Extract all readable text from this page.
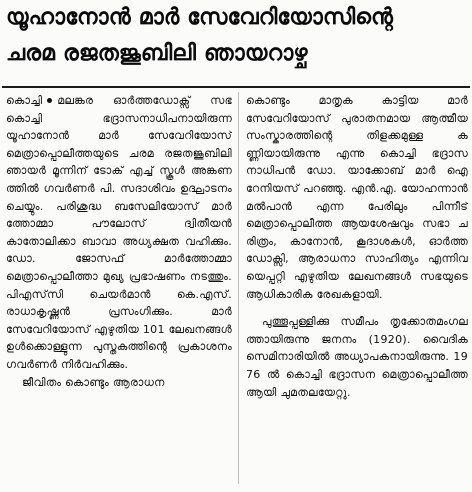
യൂഹാനോൻ മാർ സേവേറിയോസിന്റെ
ചരമ രജതജൂബിലി ഞായറാഴ്ച

കൊച്ചി മലങ്കര ഓർത്തഡോക്സ് സഭ കൊച്ചി ഭദ്രാസനാധിപനായിരുന്ന യൂഹാനോൻ മാർ സേവേറിയോസ് മെത്രാപ്പൊലീത്തയുടെ ചരമ രജതജൂബിലി ഞായർ മൂന്നിന് ടോക് എച്ച് സ്കൂൾ അങ്കണത്തിൽ ഗവർണർ പി. സദാശിവം ഉദ്ഘാടനം ചെയ്യും. പരിശുദ്ധ ബസേലിയോസ് മാർത്തോമ്മാ പൗലോസ് ദ്വിതീയൻ കാതോലിക്കാ ബാവാ അധ്യക്ഷത വഹിക്കും. ഡോ. ജോസഫ് മാർത്തോമ്മാ മെത്രാപ്പൊലീത്താ മുഖ്യ പ്രഭാഷണം നടത്തും. പിഎസ്‌സി ചെയർമാൻ കെ.എസ്. രാധാകൃഷ്ണൻ പ്രസംഗിക്കും. മാർ സേവേറിയോസ് എഴുതിയ 101 ലേഖനങ്ങൾ ഉൾക്കൊള്ളുന്ന പുസ്തകത്തിന്റെ പ്രകാശനം ഗവർണർ നിർവഹിക്കും.

ജീവിതം കൊണ്ടും ആരാധന

കൊണ്ടും മാതൃക കാട്ടിയ മാർ സേവേറിയോസ് പുരാതനമായ ആത്മീയസംസ്കാരത്തിന്റെ തിളക്കമുള്ള കണ്ണിയായിരുന്നു എന്നു കൊച്ചി ഭദ്രാസനാധിപൻ ഡോ. യാക്കോബ് മാർ ഐറേനിയസ് പറഞ്ഞു. എൻ.എ. യോഹന്നാൻ മൽപാൻ എന്ന പേരിലും പിന്നീട് മെത്രാപ്പൊലീത്ത ആയശേഷവും സഭാ ചരിത്രം, കാനോൻ, കൂദാശകൾ, ഓർത്തഡോക്സി, ആരാധനാ സാഹിത്യം എന്നിവയെപ്പറ്റി എഴുതിയ ലേഖനങ്ങൾ സഭയുടെ ആധികാരിക രേഖകളായി.

പുത്തൂപ്പള്ളിക്കു സമീപം തൃക്കോതമംഗലത്തായിരുന്നു ജനനം (1920). വൈദിക സെമിനാരിയിൽ അധ്യാപകനായിരുന്നു. 1976 ൽ കൊച്ചി ഭദ്രാസന മെത്രാപ്പൊലീത്ത ആയി ചുമതലയേറ്റു.
